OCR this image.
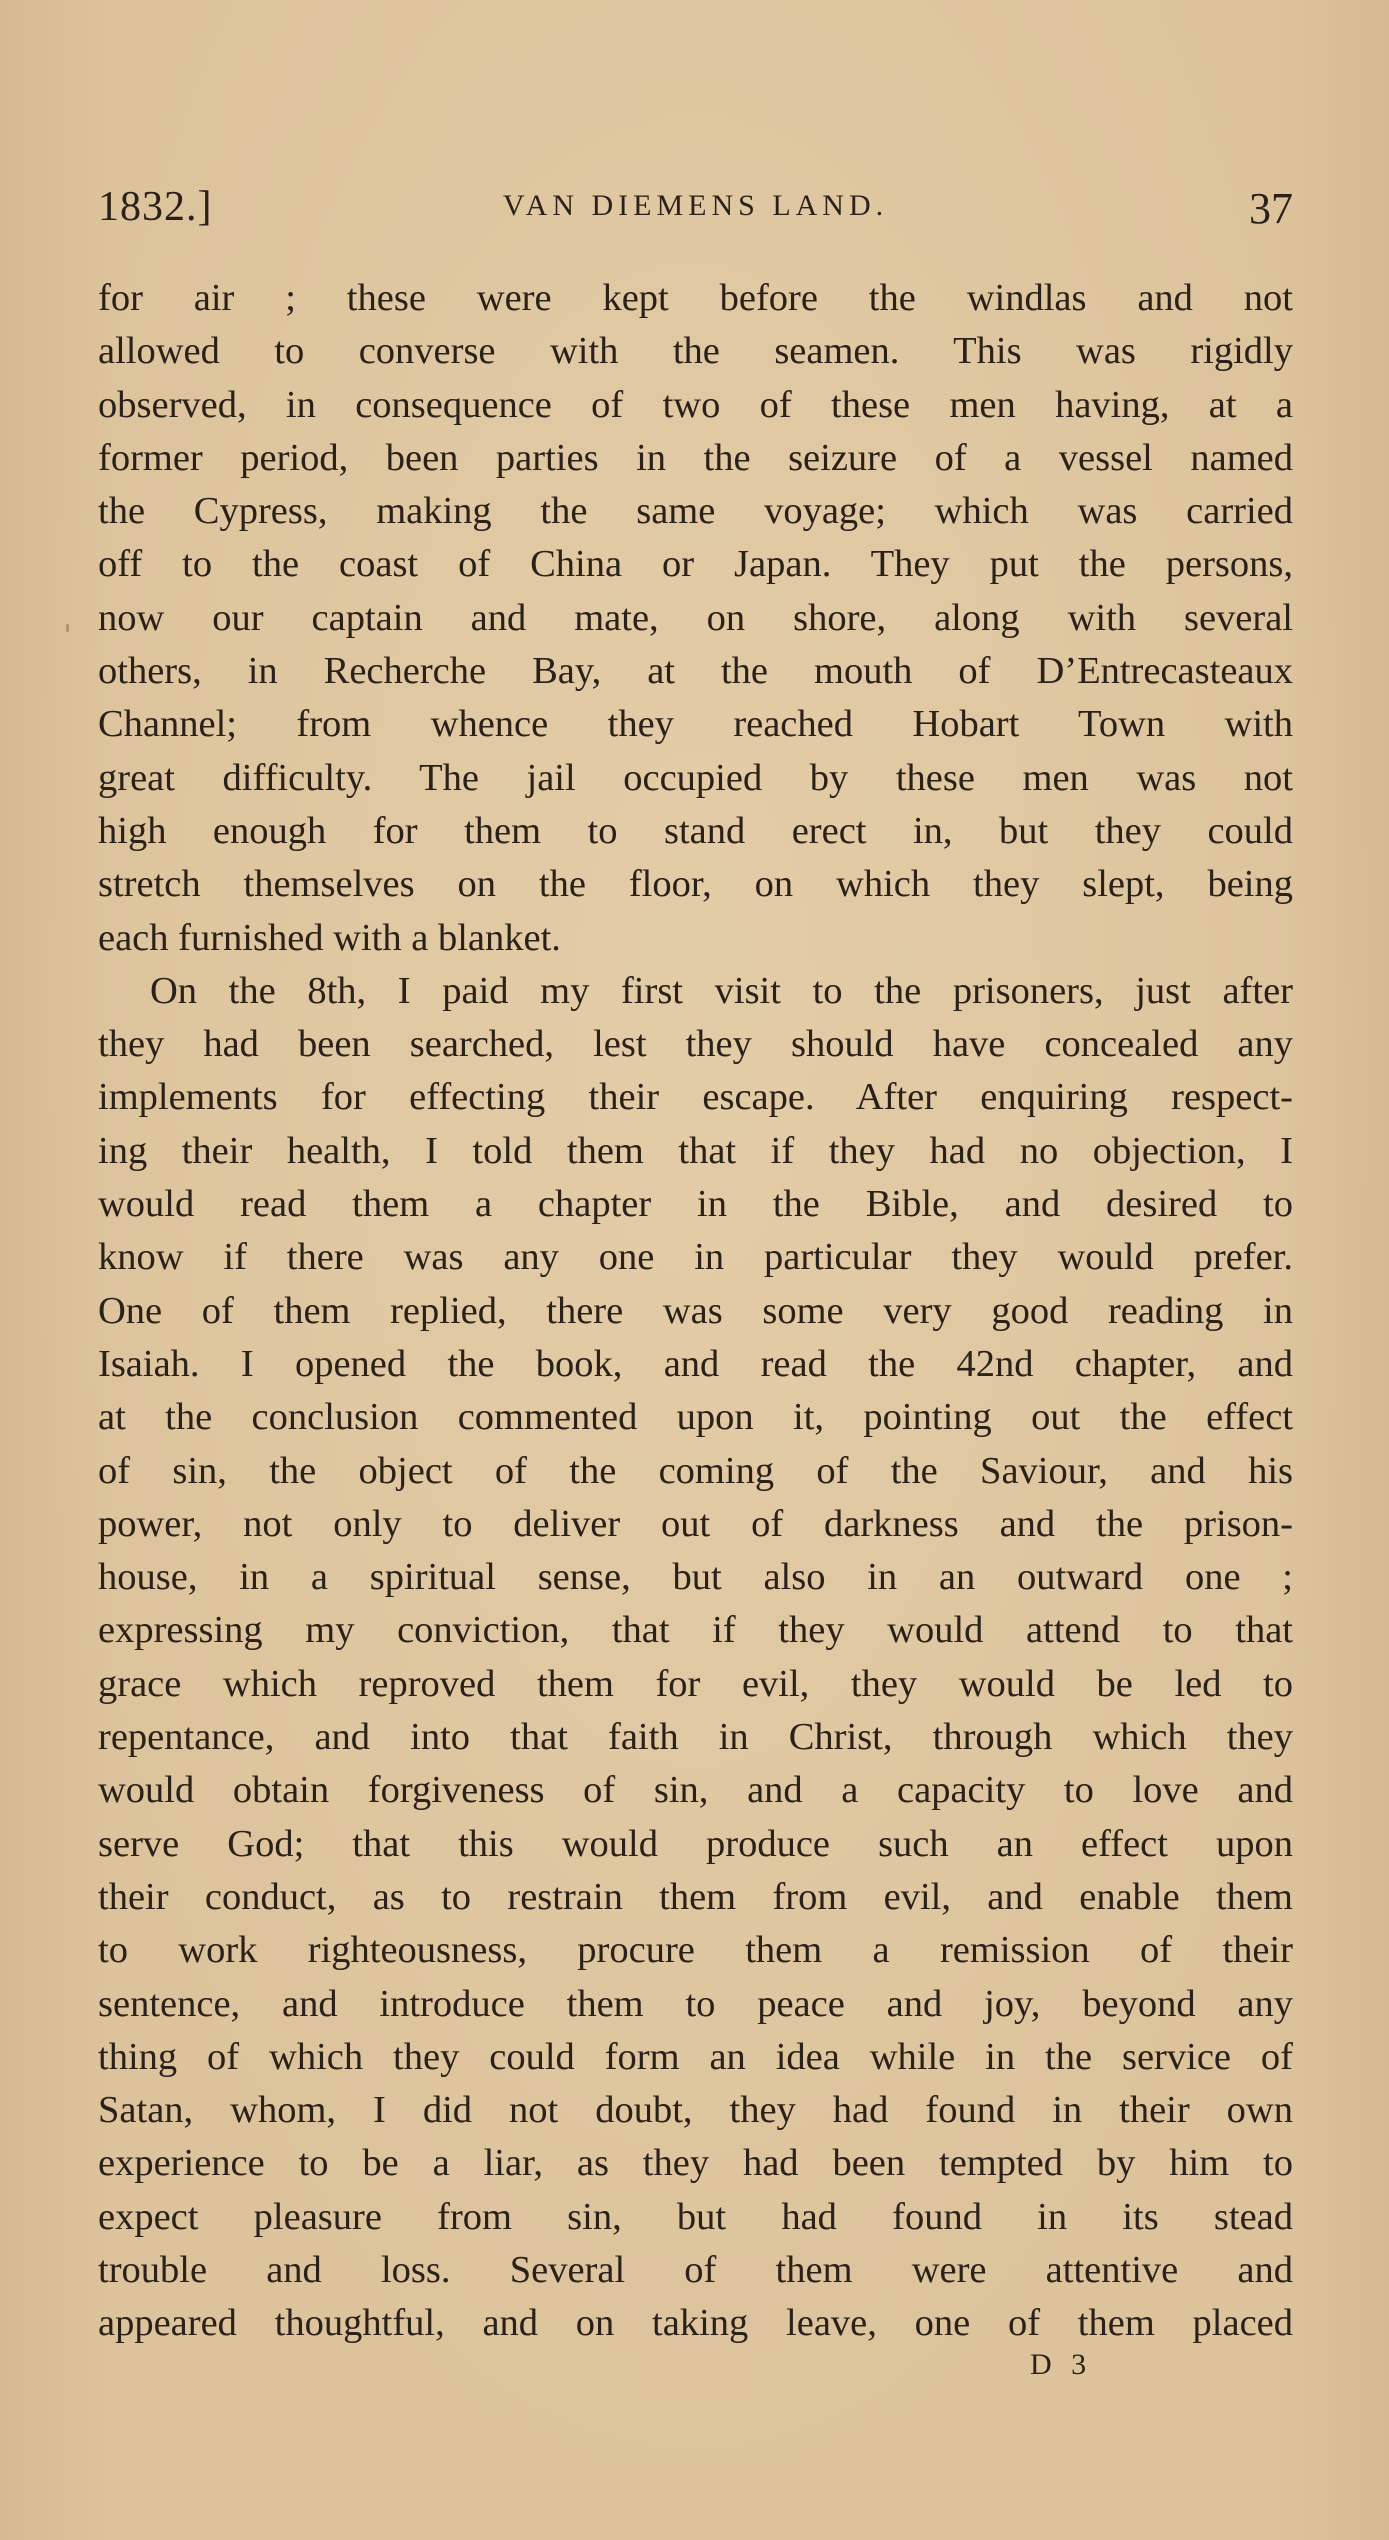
1832.]	VAN DIEMENS LAND.	37
for air ; these were kept before the windlas and not
allowed to converse with the seamen. This was rigidly
observed, in consequence of two of these men having, at a
former period, been parties in the seizure of a vessel named
the Cypress, making the same voyage; which was carried
off to the coast of China or Japan. They put the persons,
now our captain and mate, on shore, along with several
others, in Recherche Bay, at the mouth of D’Entrecasteaux
Channel; from whence they reached Hobart Town with
great difficulty. The jail occupied by these men was not
high enough for them to stand erect in, but they could
stretch themselves on the floor, on which they slept, being
each furnished with a blanket.
On the 8th, I paid my first visit to the prisoners, just after
they had been searched, lest they should have concealed any
implements for effecting their escape. After enquiring respect-
ing their health, I told them that if they had no objection, I
would read them a chapter in the Bible, and desired to
know if there was any one in particular they would prefer.
One of them replied, there was some very good reading in
Isaiah. I opened the book, and read the 42nd chapter, and
at the conclusion commented upon it, pointing out the effect
of sin, the object of the coming of the Saviour, and his
power, not only to deliver out of darkness and the prison-
house, in a spiritual sense, but also in an outward one ;
expressing my conviction, that if they would attend to that
grace which reproved them for evil, they would be led to
repentance, and into that faith in Christ, through which they
would obtain forgiveness of sin, and a capacity to love and
serve God; that this would produce such an effect upon
their conduct, as to restrain them from evil, and enable them
to work righteousness, procure them a remission of their
sentence, and introduce them to peace and joy, beyond any
thing of which they could form an idea while in the service of
Satan, whom, I did not doubt, they had found in their own
experience to be a liar, as they had been tempted by him to
expect pleasure from sin, but had found in its stead
trouble and loss. Several of them were attentive and
appeared thoughtful, and on taking leave, one of them placed
D 3
